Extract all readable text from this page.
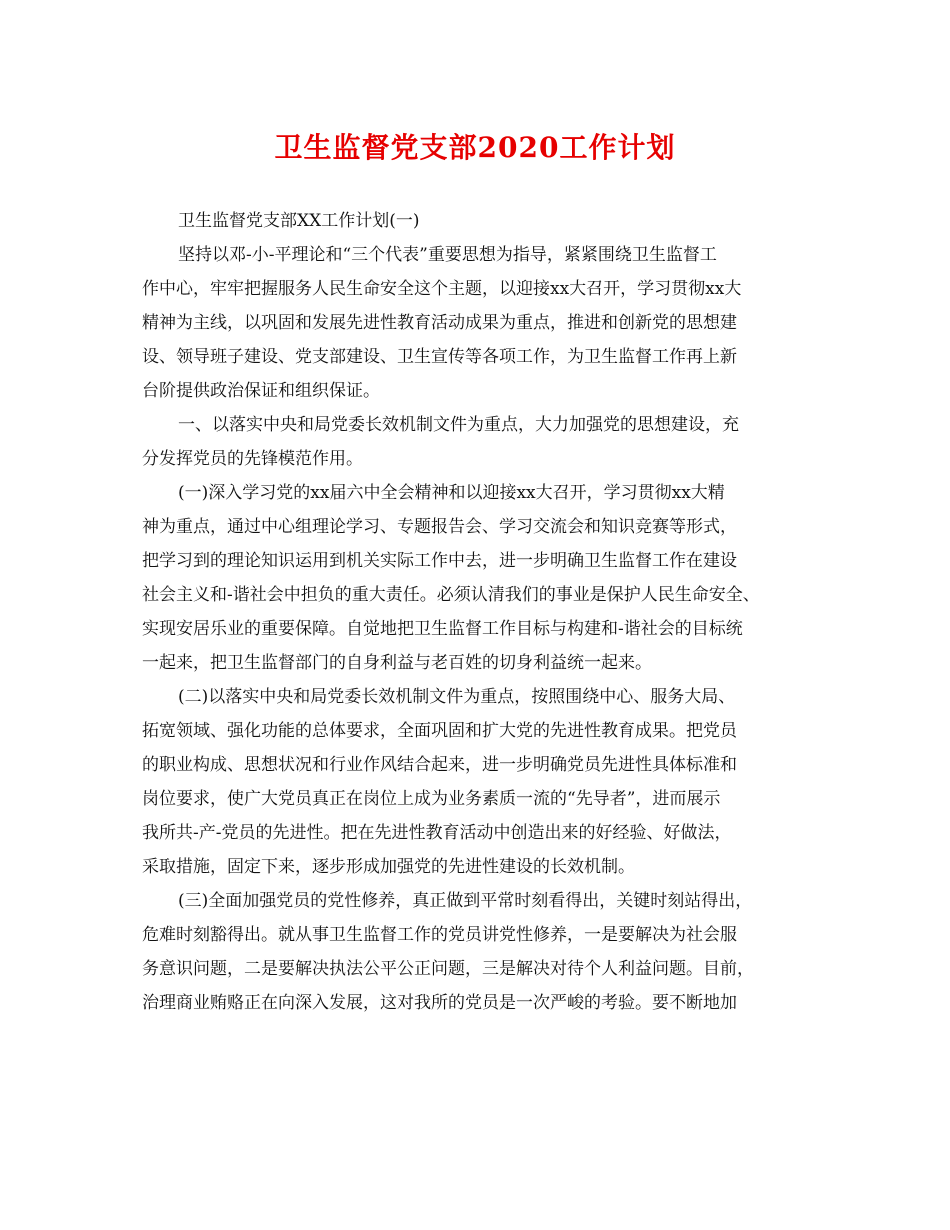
卫生监督党支部2020工作计划
卫生监督党支部XX工作计划(一)
坚持以邓-小-平理论和“三个代表”重要思想为指导，紧紧围绕卫生监督工
作中心，牢牢把握服务人民生命安全这个主题，以迎接xx大召开，学习贯彻xx大
精神为主线，以巩固和发展先进性教育活动成果为重点，推进和创新党的思想建
设、领导班子建设、党支部建设、卫生宣传等各项工作，为卫生监督工作再上新
台阶提供政治保证和组织保证。
一、以落实中央和局党委长效机制文件为重点，大力加强党的思想建设，充
分发挥党员的先锋模范作用。
(一)深入学习党的xx届六中全会精神和以迎接xx大召开，学习贯彻xx大精
神为重点，通过中心组理论学习、专题报告会、学习交流会和知识竞赛等形式，
把学习到的理论知识运用到机关实际工作中去，进一步明确卫生监督工作在建设
社会主义和-谐社会中担负的重大责任。必须认清我们的事业是保护人民生命安全、
实现安居乐业的重要保障。自觉地把卫生监督工作目标与构建和-谐社会的目标统
一起来，把卫生监督部门的自身利益与老百姓的切身利益统一起来。
(二)以落实中央和局党委长效机制文件为重点，按照围绕中心、服务大局、
拓宽领域、强化功能的总体要求，全面巩固和扩大党的先进性教育成果。把党员
的职业构成、思想状况和行业作风结合起来，进一步明确党员先进性具体标准和
岗位要求，使广大党员真正在岗位上成为业务素质一流的“先导者”，进而展示
我所共-产-党员的先进性。把在先进性教育活动中创造出来的好经验、好做法，
采取措施，固定下来，逐步形成加强党的先进性建设的长效机制。
(三)全面加强党员的党性修养，真正做到平常时刻看得出，关键时刻站得出，
危难时刻豁得出。就从事卫生监督工作的党员讲党性修养，一是要解决为社会服
务意识问题，二是要解决执法公平公正问题，三是解决对待个人利益问题。目前，
治理商业贿赂正在向深入发展，这对我所的党员是一次严峻的考验。要不断地加
